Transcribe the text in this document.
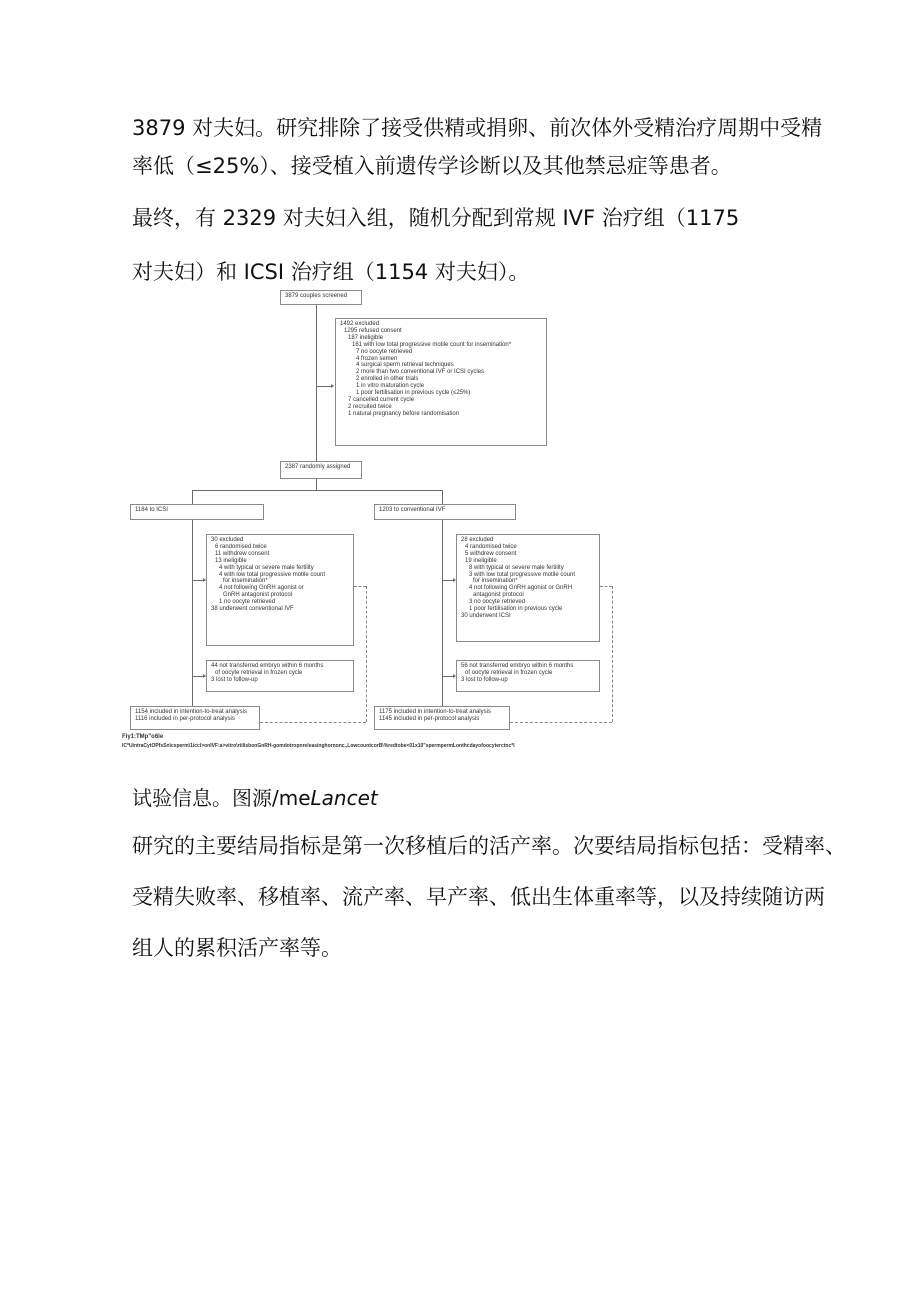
3879 对夫妇。研究排除了接受供精或捐卵、前次体外受精治疗周期中受精

率低（≤25%）、接受植入前遗传学诊断以及其他禁忌症等患者。

最终，有 2329 对夫妇入组，随机分配到常规 IVF 治疗组（1175

对夫妇）和 ICSI 治疗组（1154 对夫妇）。

3879 couples screened
1492 excluded
1295 refused consent
187 ineligible
161 with low total progressive motile count for insemination*
7 no oocyte retrieved
4 frozen semen
4 surgical sperm retrieval techniques
2 more than two conventional IVF or ICSI cycles
2 enrolled in other trials
1 in vitro maturation cycle
1 poor fertilisation in previous cycle (≤25%)
7 cancelled current cycle
2 recruited twice
1 natural pregnancy before randomisation
2387 randomly assigned
1184 to ICSI	1203 to conventional IVF
30 excluded
6 randomised twice
11 withdrew consent
13 ineligible
4 with typical or severe male fertility
4 with low total progressive motile count
for insemination*
4 not following GnRH agonist or
GnRH antagonist protocol
1 no oocyte retrieved
38 underwent conventional IVF
28 excluded
4 randomised twice
5 withdrew consent
19 ineligible
8 with typical or severe male fertility
3 with low total progressive motile count
for insemination*
4 not following GnRH agonist or GnRH
antagonist protocol
3 no oocyte retrieved
1 poor fertilisation in previous cycle
30 underwent ICSI
44 not transferred embryo within 6 months
of oocyte retrieval in frozen cycle
3 lost to follow-up
56 not transferred embryo within 6 months
of oocyte retrieval in frozen cycle
3 lost to follow-up
1154 included in intention-to-treat analysis
1116 included in per-protocol analysis
1175 included in intention-to-treat analysis
1145 included in per-protocol analysis
Fiy1:TMp"o6le
IC*UintraCytOPfsSn\csperm\1iccl>onIVF:a>vitro\rtilisbonGnRH-gomdotropnreleasinghornonc.,LowcountcorB\%redtobe<01x10"spermpermLonthcdayofoocyterctnc*l

试验信息。图源/meLancet

研究的主要结局指标是第一次移植后的活产率。次要结局指标包括：受精率、

受精失败率、移植率、流产率、早产率、低出生体重率等，以及持续随访两

组人的累积活产率等。
